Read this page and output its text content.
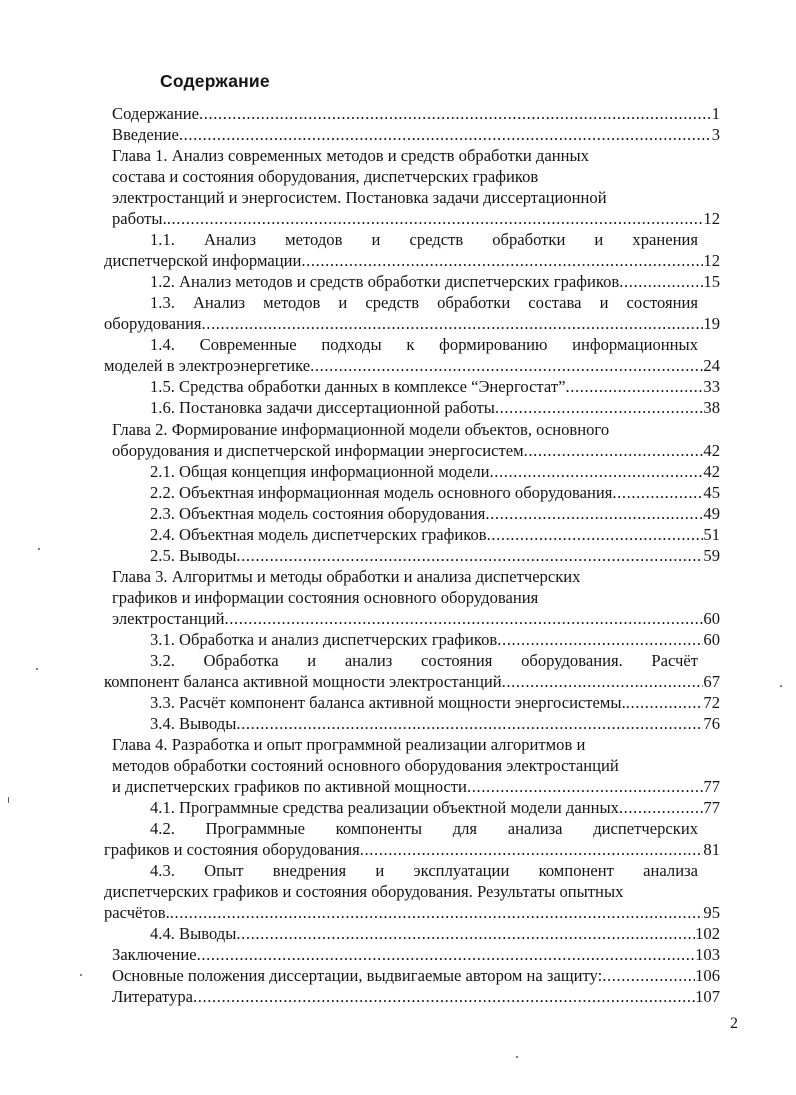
Содержание
Содержание .....	1
Введение .....	3
Глава 1. Анализ современных методов и средств обработки данных
состава и состояния оборудования, диспетчерских графиков
электростанций и энергосистем. Постановка задачи диссертационной
работы. .....	12
1.1. Анализ методов и средств обработки и хранения
диспетчерской информации .....	12
1.2. Анализ методов и средств обработки диспетчерских графиков .....	15
1.3. Анализ методов и средств обработки состава и состояния
оборудования .....	19
1.4. Современные подходы к формированию информационных
моделей в электроэнергетике .....	24
1.5. Средства обработки данных в комплексе “Энергостат” .....	33
1.6. Постановка задачи диссертационной работы .....	38
Глава 2. Формирование информационной модели объектов, основного
оборудования и диспетчерской информации энергосистем .....	42
2.1. Общая концепция информационной модели .....	42
2.2. Объектная информационная модель основного оборудования .....	45
2.3. Объектная модель состояния оборудования .....	49
2.4. Объектная модель диспетчерских графиков .....	51
2.5. Выводы .....	59
Глава 3. Алгоритмы и методы обработки и анализа диспетчерских
графиков и информации состояния основного оборудования
электростанций .....	60
3.1. Обработка и анализ диспетчерских графиков .....	60
3.2. Обработка и анализ состояния оборудования. Расчёт
компонент баланса активной мощности электростанций .....	67
3.3. Расчёт компонент баланса активной мощности энергосистемы. .....	72
3.4. Выводы .....	76
Глава 4. Разработка и опыт программной реализации алгоритмов и
методов обработки состояний основного оборудования электростанций
и диспетчерских графиков по активной мощности .....	77
4.1. Программные средства реализации объектной модели данных .....	77
4.2. Программные компоненты для анализа диспетчерских
графиков и состояния оборудования .....	81
4.3. Опыт внедрения и эксплуатации компонент анализа
диспетчерских графиков и состояния оборудования. Результаты опытных
расчётов. .....	95
4.4. Выводы .....	102
Заключение .....	103
Основные положения диссертации, выдвигаемые автором на защиту: .....	106
Литература .....	107
2
